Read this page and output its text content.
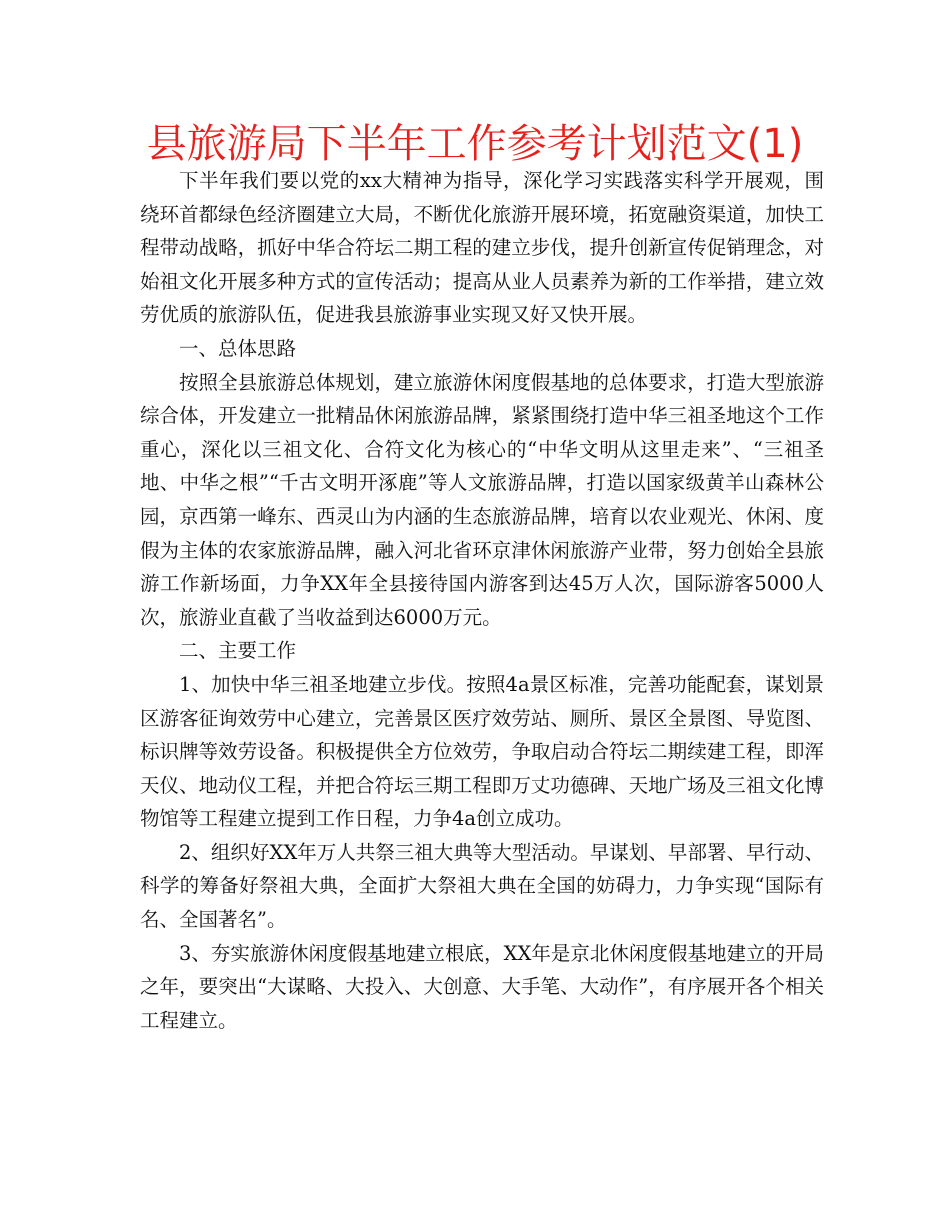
县旅游局下半年工作参考计划范文(1)

下半年我们要以党的xx大精神为指导，深化学习实践落实科学开展观，围绕环首都绿色经济圈建立大局，不断优化旅游开展环境，拓宽融资渠道，加快工程带动战略，抓好中华合符坛二期工程的建立步伐，提升创新宣传促销理念，对始祖文化开展多种方式的宣传活动；提高从业人员素养为新的工作举措，建立效劳优质的旅游队伍，促进我县旅游事业实现又好又快开展。

一、总体思路

按照全县旅游总体规划，建立旅游休闲度假基地的总体要求，打造大型旅游综合体，开发建立一批精品休闲旅游品牌，紧紧围绕打造中华三祖圣地这个工作重心，深化以三祖文化、合符文化为核心的“中华文明从这里走来”、“三祖圣地、中华之根”“千古文明开涿鹿”等人文旅游品牌，打造以国家级黄羊山森林公园，京西第一峰东、西灵山为内涵的生态旅游品牌，培育以农业观光、休闲、度假为主体的农家旅游品牌，融入河北省环京津休闲旅游产业带，努力创始全县旅游工作新场面，力争XX年全县接待国内游客到达45万人次，国际游客5000人次，旅游业直截了当收益到达6000万元。

二、主要工作

1、加快中华三祖圣地建立步伐。按照4a景区标准，完善功能配套，谋划景区游客征询效劳中心建立，完善景区医疗效劳站、厕所、景区全景图、导览图、标识牌等效劳设备。积极提供全方位效劳，争取启动合符坛二期续建工程，即浑天仪、地动仪工程，并把合符坛三期工程即万丈功德碑、天地广场及三祖文化博物馆等工程建立提到工作日程，力争4a创立成功。

2、组织好XX年万人共祭三祖大典等大型活动。早谋划、早部署、早行动、科学的筹备好祭祖大典，全面扩大祭祖大典在全国的妨碍力，力争实现“国际有名、全国著名”。

3、夯实旅游休闲度假基地建立根底，XX年是京北休闲度假基地建立的开局之年，要突出“大谋略、大投入、大创意、大手笔、大动作”，有序展开各个相关工程建立。
